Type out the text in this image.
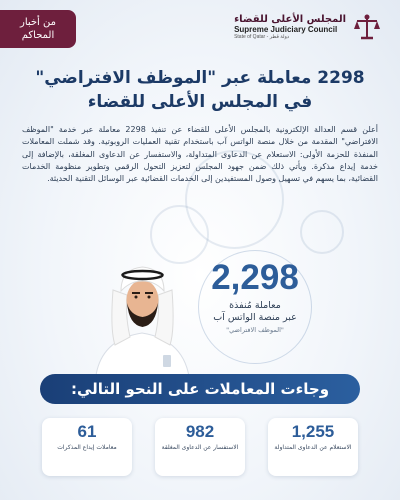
المجلس الأعلى للقضاء
Supreme Judiciary Council
State of Qatar - دولة قطر
من أخبار
المحاكم
2298 معاملة عبر "الموظف الافتراضي"
في المجلس الأعلى للقضاء
أعلن قسم العدالة الإلكترونية بالمجلس الأعلى للقضاء عن تنفيذ 2298 معاملة عبر خدمة "الموظف الافتراضي" المقدمة من خلال منصة الواتس آب باستخدام تقنية العمليات الروبوتية. وقد شملت المعاملات المنفذة للحزمة الأولى: الاستعلام عن الدعاوى المتداولة، والاستفسار عن الدعاوى المغلقة، بالإضافة إلى خدمة إيداع مذكرة. ويأتي ذلك ضمن جهود المجلس لتعزيز التحول الرقمي وتطوير منظومة الخدمات القضائية، بما يسهم في تسهيل وصول المستفيدين إلى الخدمات القضائية عبر الوسائل التقنية الحديثة.
2,298
معاملة مُنفذة
عبر منصة الواتس آب
"الموظف الافتراضي"
وجاءت المعاملات على النحو التالي:
1,255
الاستعلام عن الدعاوى المتداولة
982
الاستفسار عن الدعاوى المغلقة
61
معاملات إيداع المذكرات
